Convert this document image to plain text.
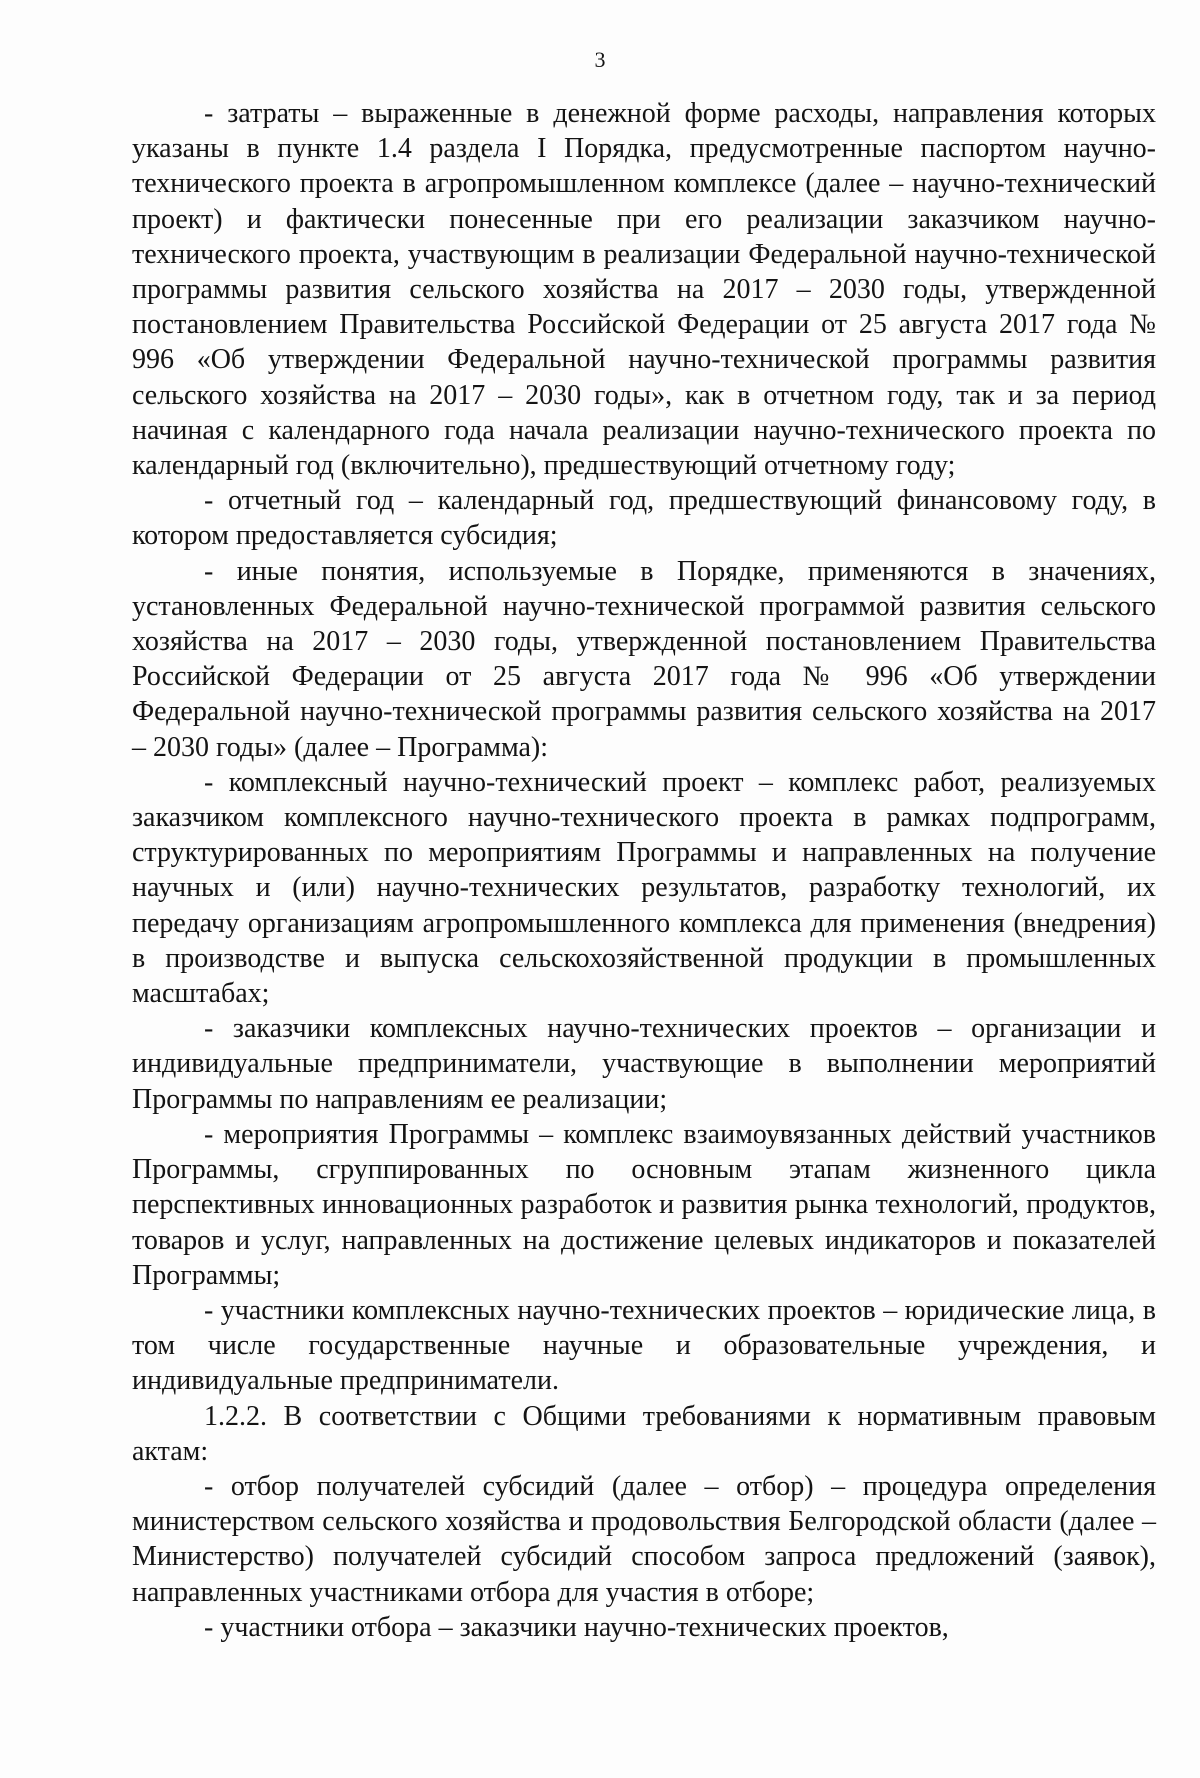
3

- затраты – выраженные в денежной форме расходы, направления которых указаны в пункте 1.4 раздела I Порядка, предусмотренные паспортом научно-технического проекта в агропромышленном комплексе (далее – научно-технический проект) и фактически понесенные при его реализации заказчиком научно-технического проекта, участвующим в реализации Федеральной научно-технической программы развития сельского хозяйства на 2017 – 2030 годы, утвержденной постановлением Правительства Российской Федерации от 25 августа 2017 года № 996 «Об утверждении Федеральной научно-технической программы развития сельского хозяйства на 2017 – 2030 годы», как в отчетном году, так и за период начиная с календарного года начала реализации научно-технического проекта по календарный год (включительно), предшествующий отчетному году;

- отчетный год – календарный год, предшествующий финансовому году, в котором предоставляется субсидия;

- иные понятия, используемые в Порядке, применяются в значениях, установленных Федеральной научно-технической программой развития сельского хозяйства на 2017 – 2030 годы, утвержденной постановлением Правительства Российской Федерации от 25 августа 2017 года № 996 «Об утверждении Федеральной научно-технической программы развития сельского хозяйства на 2017 – 2030 годы» (далее – Программа):

- комплексный научно-технический проект – комплекс работ, реализуемых заказчиком комплексного научно-технического проекта в рамках подпрограмм, структурированных по мероприятиям Программы и направленных на получение научных и (или) научно-технических результатов, разработку технологий, их передачу организациям агропромышленного комплекса для применения (внедрения) в производстве и выпуска сельскохозяйственной продукции в промышленных масштабах;

- заказчики комплексных научно-технических проектов – организации и индивидуальные предприниматели, участвующие в выполнении мероприятий Программы по направлениям ее реализации;

- мероприятия Программы – комплекс взаимоувязанных действий участников Программы, сгруппированных по основным этапам жизненного цикла перспективных инновационных разработок и развития рынка технологий, продуктов, товаров и услуг, направленных на достижение целевых индикаторов и показателей Программы;

- участники комплексных научно-технических проектов – юридические лица, в том числе государственные научные и образовательные учреждения, и индивидуальные предприниматели.

1.2.2. В соответствии с Общими требованиями к нормативным правовым актам:

- отбор получателей субсидий (далее – отбор) – процедура определения министерством сельского хозяйства и продовольствия Белгородской области (далее – Министерство) получателей субсидий способом запроса предложений (заявок), направленных участниками отбора для участия в отборе;

- участники отбора – заказчики научно-технических проектов,
